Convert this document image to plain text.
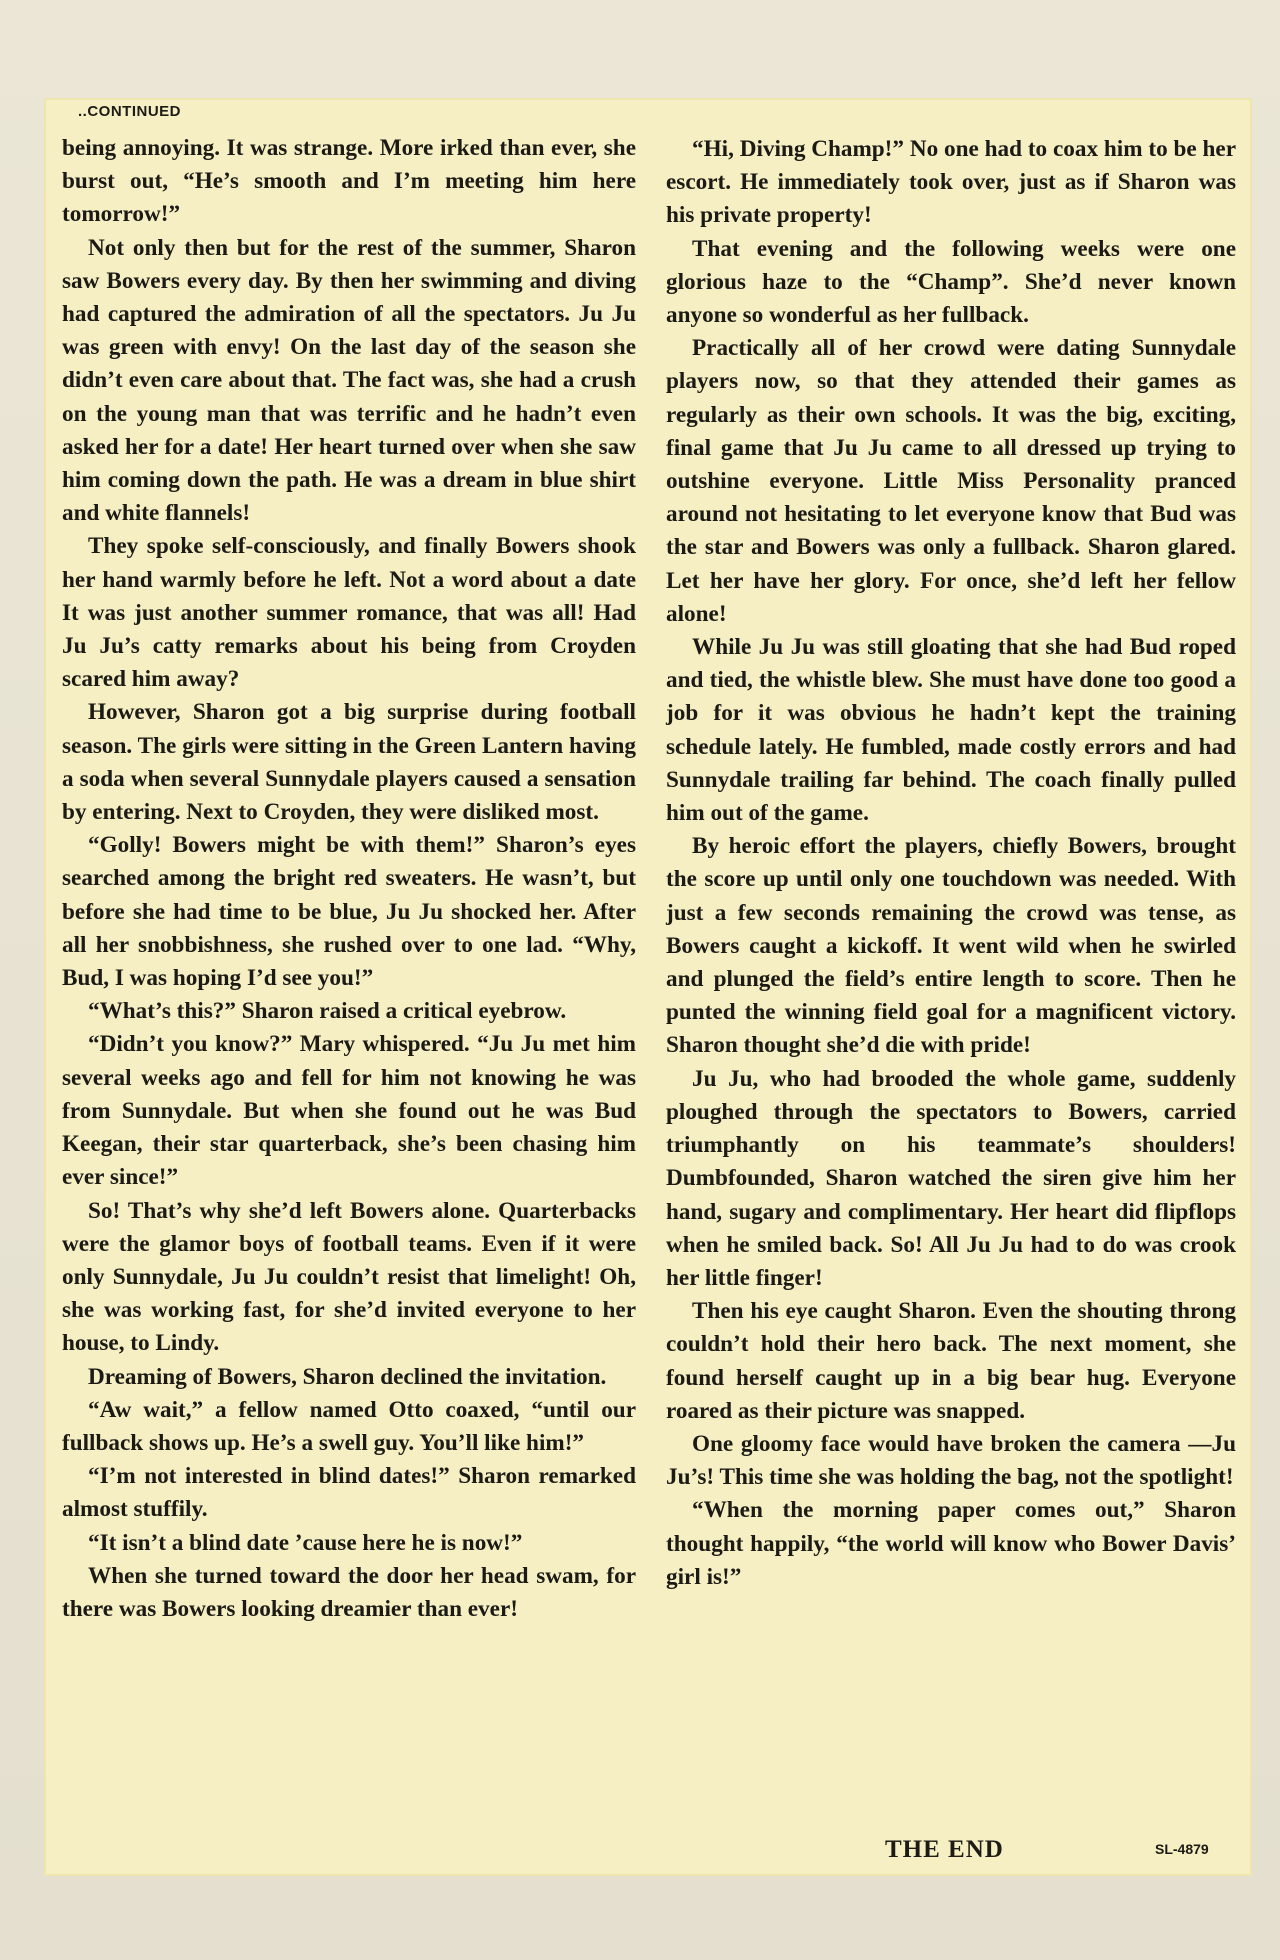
..CONTINUED

being annoying. It was strange. More irked than ever, she burst out, “He’s smooth and I’m meeting him here tomorrow!”

Not only then but for the rest of the summer, Sharon saw Bowers every day. By then her swimming and diving had captured the admiration of all the spectators. Ju Ju was green with envy! On the last day of the season she didn’t even care about that. The fact was, she had a crush on the young man that was terrific and he hadn’t even asked her for a date! Her heart turned over when she saw him coming down the path. He was a dream in blue shirt and white flannels!

They spoke self-consciously, and finally Bowers shook her hand warmly before he left. Not a word about a date It was just another summer romance, that was all! Had Ju Ju’s catty remarks about his being from Croyden scared him away?

However, Sharon got a big surprise during football season. The girls were sitting in the Green Lantern having a soda when several Sunnydale players caused a sensation by entering. Next to Croyden, they were disliked most.

“Golly! Bowers might be with them!” Sharon’s eyes searched among the bright red sweaters. He wasn’t, but before she had time to be blue, Ju Ju shocked her. After all her snobbishness, she rushed over to one lad. “Why, Bud, I was hoping I’d see you!”

“What’s this?” Sharon raised a critical eyebrow.

“Didn’t you know?” Mary whispered. “Ju Ju met him several weeks ago and fell for him not knowing he was from Sunnydale. But when she found out he was Bud Keegan, their star quarterback, she’s been chasing him ever since!”

So! That’s why she’d left Bowers alone. Quarterbacks were the glamor boys of football teams. Even if it were only Sunnydale, Ju Ju couldn’t resist that limelight! Oh, she was working fast, for she’d invited everyone to her house, to Lindy.

Dreaming of Bowers, Sharon declined the invitation.

“Aw wait,” a fellow named Otto coaxed, “until our fullback shows up. He’s a swell guy. You’ll like him!”

“I’m not interested in blind dates!” Sharon remarked almost stuffily.

“It isn’t a blind date ’cause here he is now!”

When she turned toward the door her head swam, for there was Bowers looking dreamier than ever!

“Hi, Diving Champ!” No one had to coax him to be her escort. He immediately took over, just as if Sharon was his private property!

That evening and the following weeks were one glorious haze to the “Champ”. She’d never known anyone so wonderful as her fullback.

Practically all of her crowd were dating Sunnydale players now, so that they attended their games as regularly as their own schools. It was the big, exciting, final game that Ju Ju came to all dressed up trying to outshine everyone. Little Miss Personality pranced around not hesitating to let everyone know that Bud was the star and Bowers was only a fullback. Sharon glared. Let her have her glory. For once, she’d left her fellow alone!

While Ju Ju was still gloating that she had Bud roped and tied, the whistle blew. She must have done too good a job for it was obvious he hadn’t kept the training schedule lately. He fumbled, made costly errors and had Sunnydale trailing far behind. The coach finally pulled him out of the game.

By heroic effort the players, chiefly Bowers, brought the score up until only one touchdown was needed. With just a few seconds remaining the crowd was tense, as Bowers caught a kickoff. It went wild when he swirled and plunged the field’s entire length to score. Then he punted the winning field goal for a magnificent victory. Sharon thought she’d die with pride!

Ju Ju, who had brooded the whole game, suddenly ploughed through the spectators to Bowers, carried triumphantly on his teammate’s shoulders! Dumbfounded, Sharon watched the siren give him her hand, sugary and complimentary. Her heart did flipflops when he smiled back. So! All Ju Ju had to do was crook her little finger!

Then his eye caught Sharon. Even the shouting throng couldn’t hold their hero back. The next moment, she found herself caught up in a big bear hug. Everyone roared as their picture was snapped.

One gloomy face would have broken the camera —Ju Ju’s! This time she was holding the bag, not the spotlight!

“When the morning paper comes out,” Sharon thought happily, “the world will know who Bower Davis’ girl is!”

THE END	SL-4879
